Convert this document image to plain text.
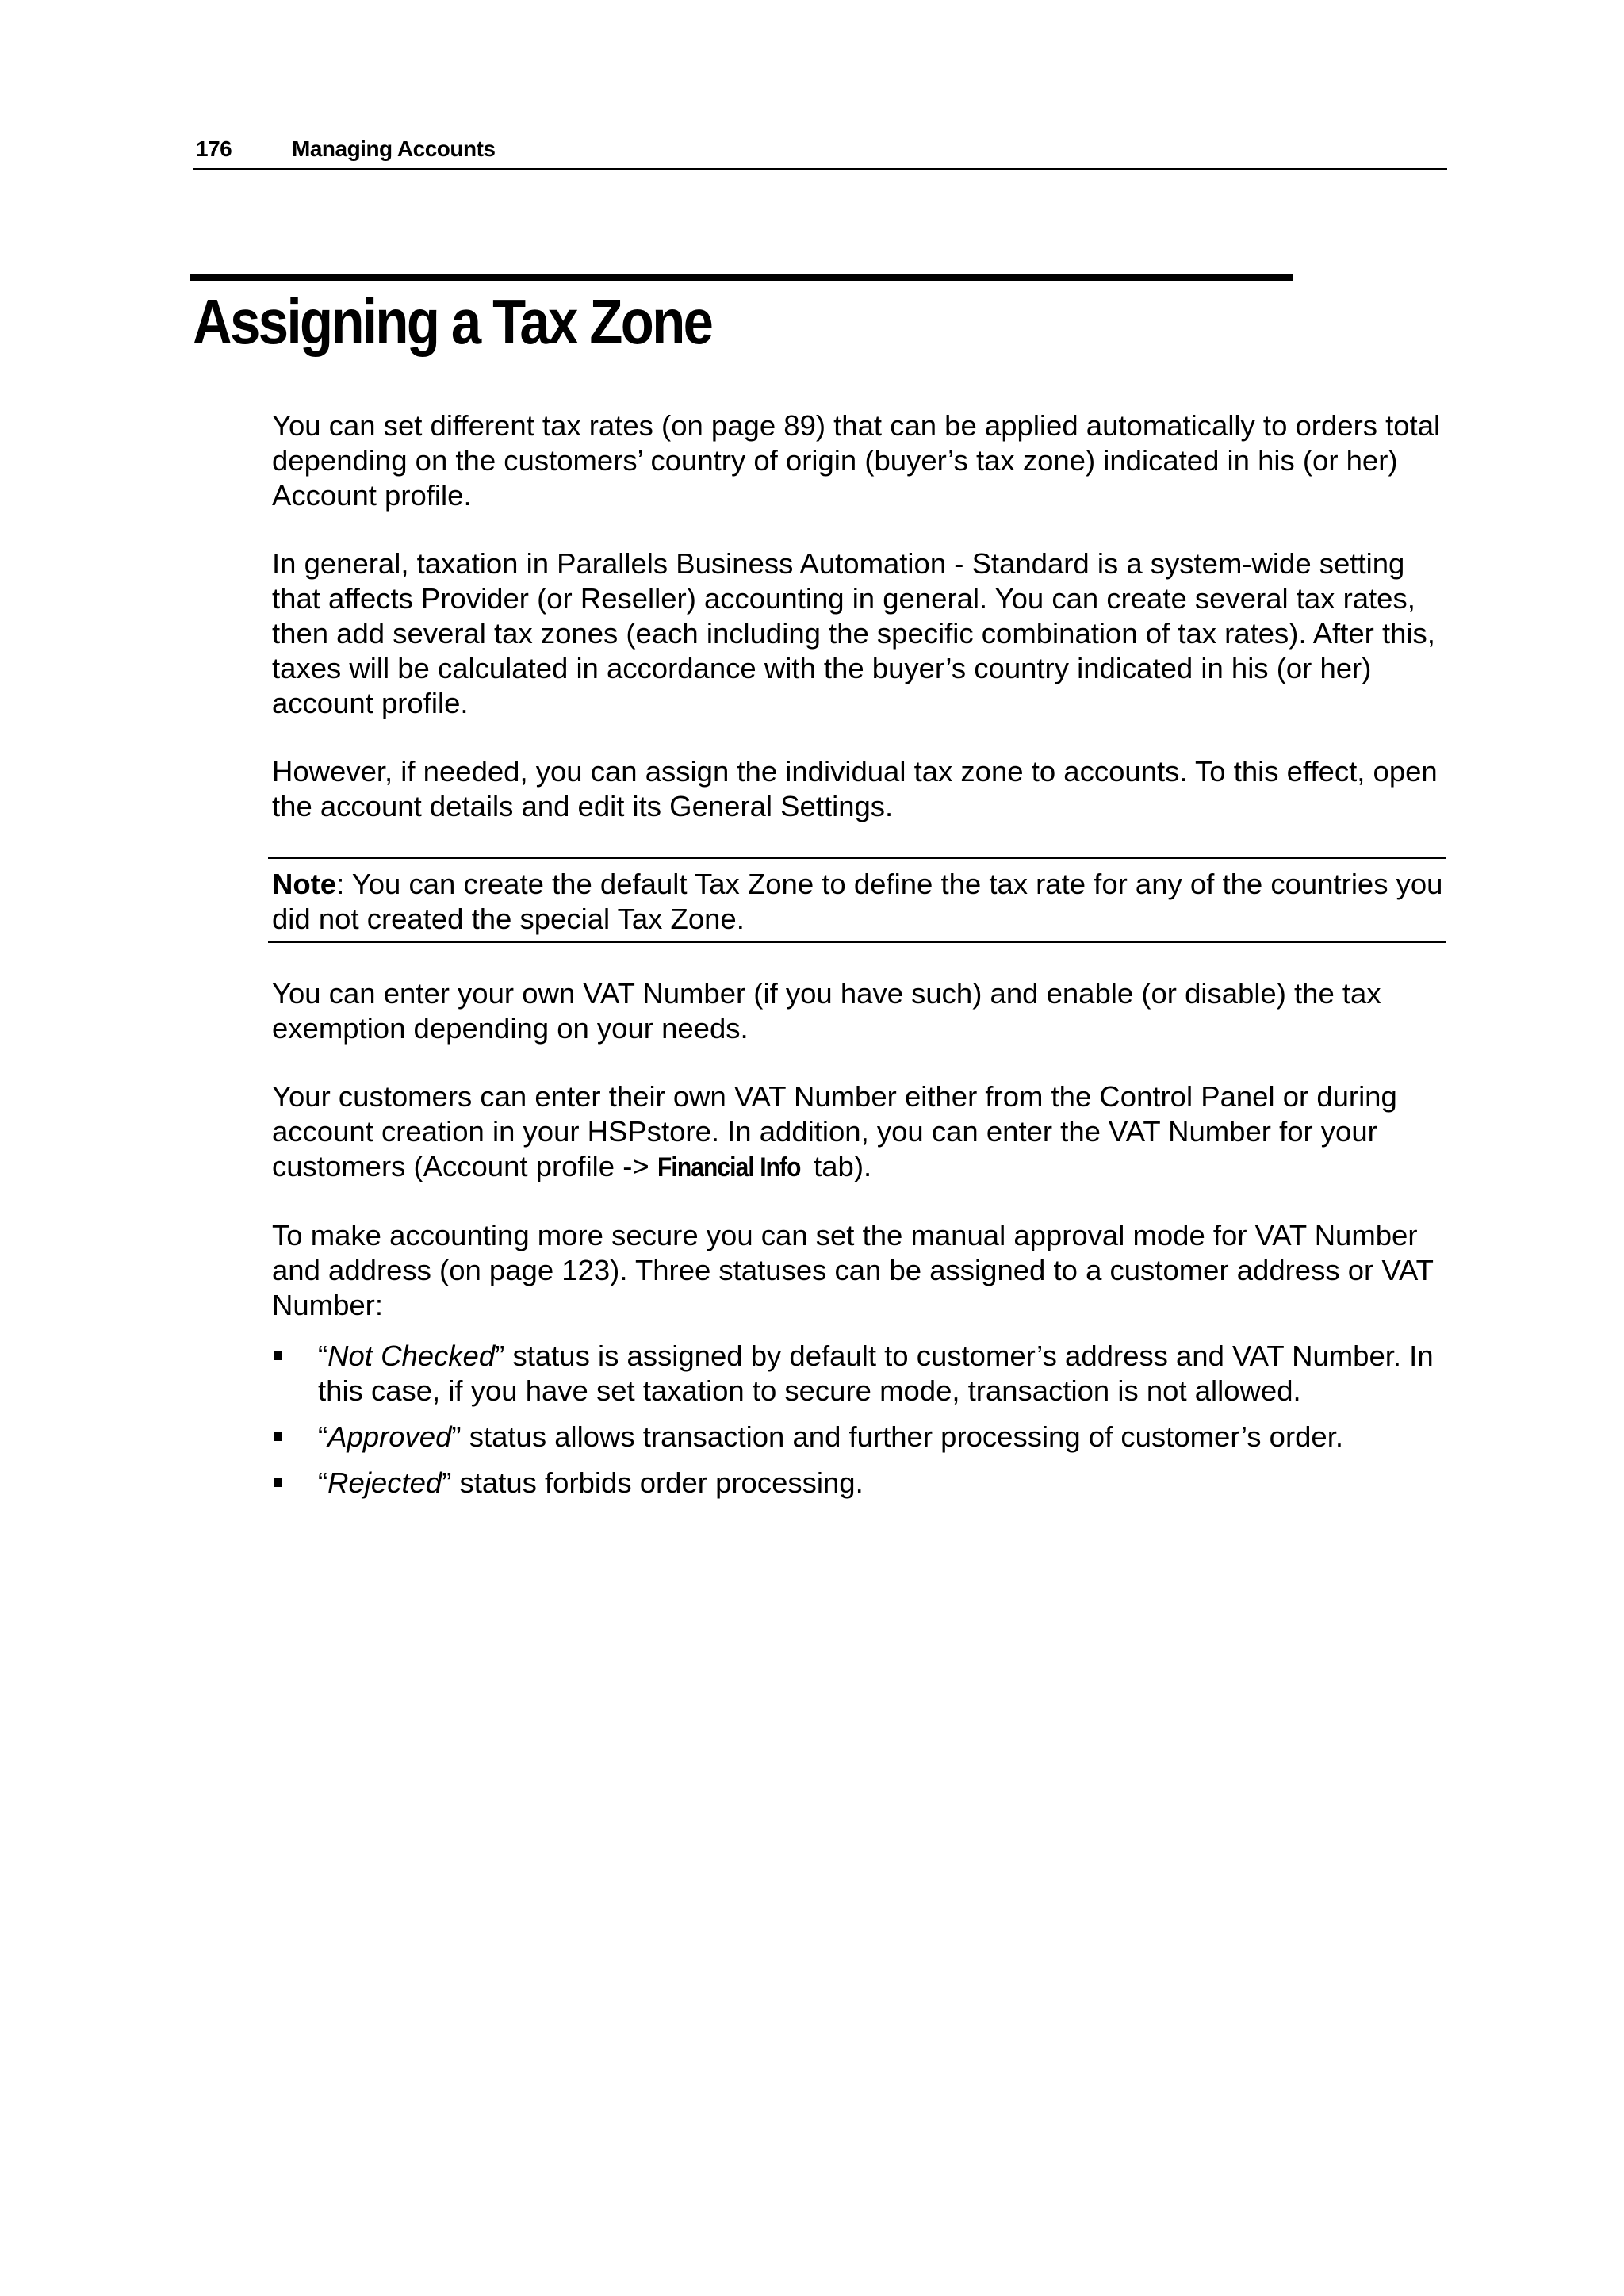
176	Managing Accounts
Assigning a Tax Zone

You can set different tax rates (on page 89) that can be applied automatically to orders total depending on the customers’ country of origin (buyer’s tax zone) indicated in his (or her) Account profile.

In general, taxation in Parallels Business Automation - Standard is a system-wide setting that affects Provider (or Reseller) accounting in general. You can create several tax rates, then add several tax zones (each including the specific combination of tax rates). After this, taxes will be calculated in accordance with the buyer’s country indicated in his (or her) account profile.

However, if needed, you can assign the individual tax zone to accounts. To this effect, open the account details and edit its General Settings.

Note: You can create the default Tax Zone to define the tax rate for any of the countries you did not created the special Tax Zone.

You can enter your own VAT Number (if you have such) and enable (or disable) the tax exemption depending on your needs.

Your customers can enter their own VAT Number either from the Control Panel or during account creation in your HSPstore. In addition, you can enter the VAT Number for your customers (Account profile -> Financial Info tab).

To make accounting more secure you can set the manual approval mode for VAT Number and address (on page 123). Three statuses can be assigned to a customer address or VAT Number:

“Not Checked” status is assigned by default to customer’s address and VAT Number. In this case, if you have set taxation to secure mode, transaction is not allowed.
“Approved” status allows transaction and further processing of customer’s order.
“Rejected” status forbids order processing.
